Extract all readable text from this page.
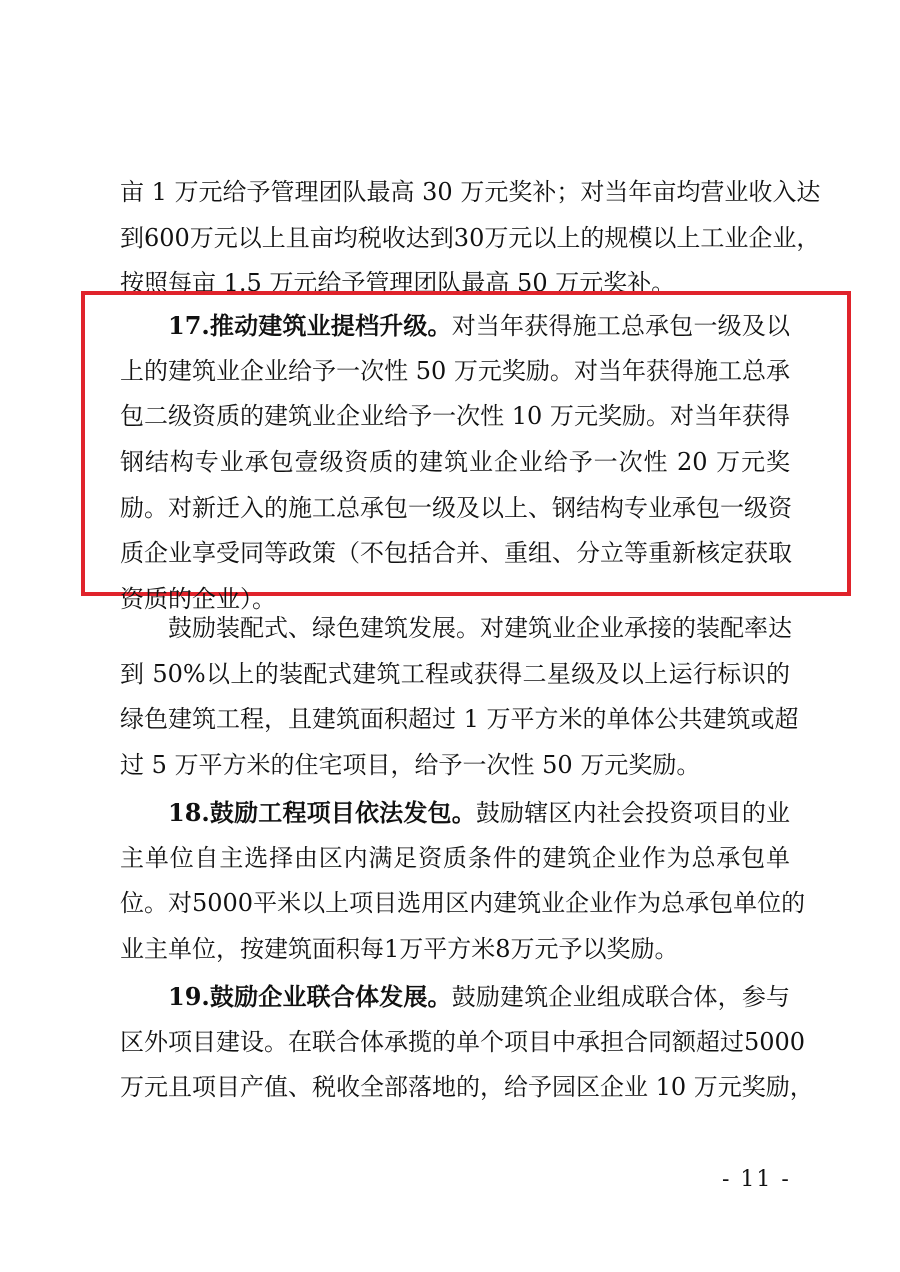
亩 1 万元给予管理团队最高 30 万元奖补；对当年亩均营业收入达
到600万元以上且亩均税收达到30万元以上的规模以上工业企业，
按照每亩 1.5 万元给予管理团队最高 50 万元奖补。
17.推动建筑业提档升级。对当年获得施工总承包一级及以
上的建筑业企业给予一次性 50 万元奖励。对当年获得施工总承
包二级资质的建筑业企业给予一次性 10 万元奖励。对当年获得
钢结构专业承包壹级资质的建筑业企业给予一次性 20 万元奖
励。对新迁入的施工总承包一级及以上、钢结构专业承包一级资
质企业享受同等政策（不包括合并、重组、分立等重新核定获取
资质的企业）。
鼓励装配式、绿色建筑发展。对建筑业企业承接的装配率达
到 50%以上的装配式建筑工程或获得二星级及以上运行标识的
绿色建筑工程，且建筑面积超过 1 万平方米的单体公共建筑或超
过 5 万平方米的住宅项目，给予一次性 50 万元奖励。
18.鼓励工程项目依法发包。鼓励辖区内社会投资项目的业
主单位自主选择由区内满足资质条件的建筑企业作为总承包单
位。对5000平米以上项目选用区内建筑业企业作为总承包单位的
业主单位，按建筑面积每1万平方米8万元予以奖励。
19.鼓励企业联合体发展。鼓励建筑企业组成联合体，参与
区外项目建设。在联合体承揽的单个项目中承担合同额超过5000
万元且项目产值、税收全部落地的，给予园区企业 10 万元奖励，
- 11 -
